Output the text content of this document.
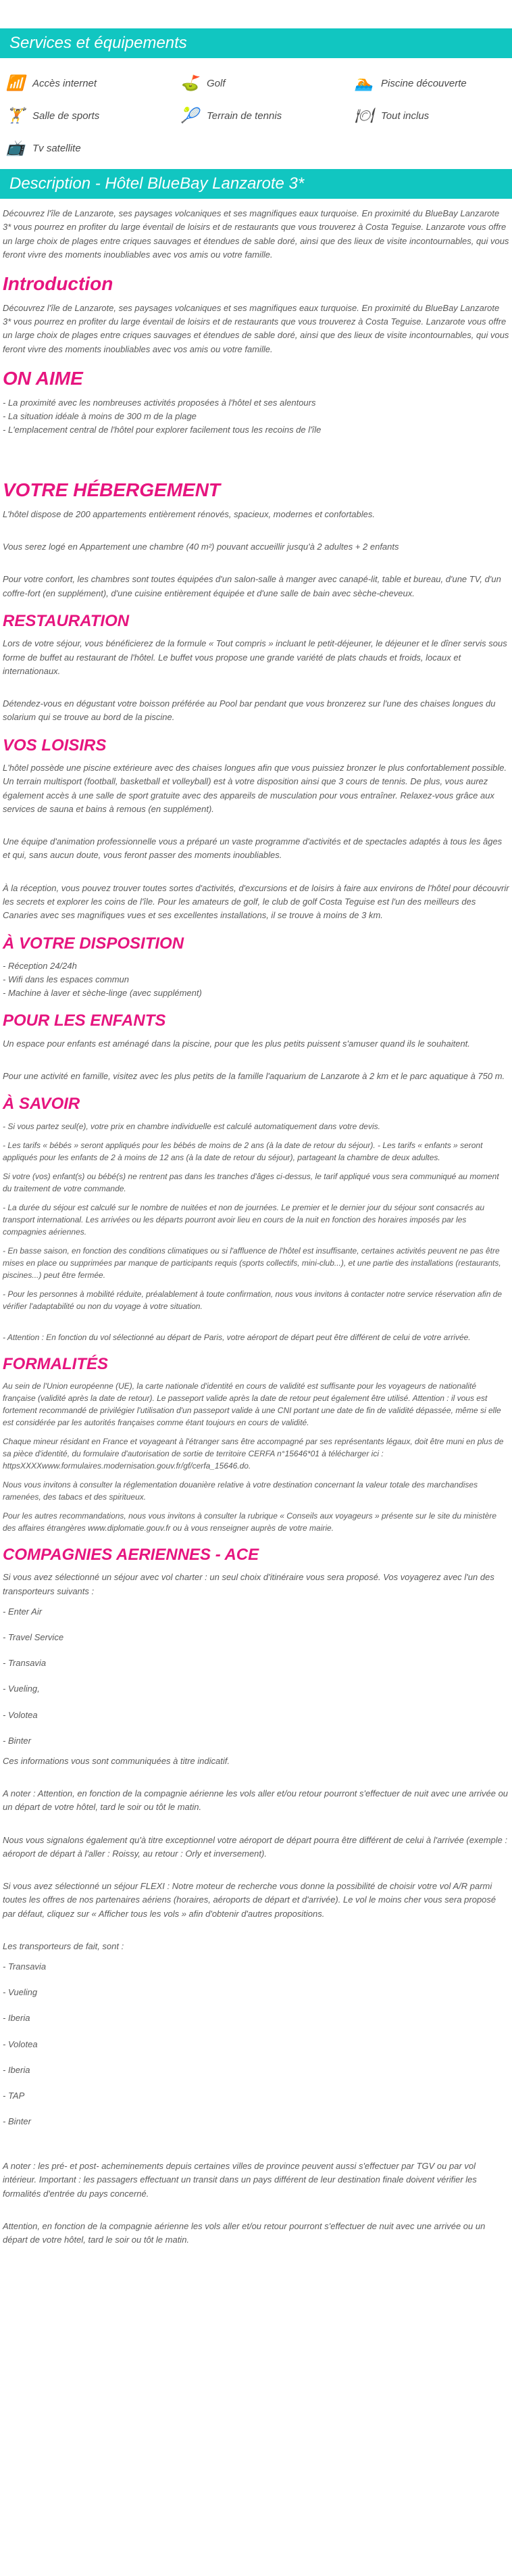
Services et équipements
📶 Accès internet	⛳ Golf	🏊 Piscine découverte
🏋 Salle de sports	🎾 Terrain de tennis	🍽 Tout inclus
📺 Tv satellite
Description - Hôtel BlueBay Lanzarote 3*

Découvrez l'île de Lanzarote, ses paysages volcaniques et ses magnifiques eaux turquoise. En proximité du BlueBay Lanzarote 3* vous pourrez en profiter du large éventail de loisirs et de restaurants que vous trouverez à Costa Teguise. Lanzarote vous offre un large choix de plages entre criques sauvages et étendues de sable doré, ainsi que des lieux de visite incontournables, qui vous feront vivre des moments inoubliables avec vos amis ou votre famille.

Introduction

Découvrez l'île de Lanzarote, ses paysages volcaniques et ses magnifiques eaux turquoise. En proximité du BlueBay Lanzarote 3* vous pourrez en profiter du large éventail de loisirs et de restaurants que vous trouverez à Costa Teguise. Lanzarote vous offre un large choix de plages entre criques sauvages et étendues de sable doré, ainsi que des lieux de visite incontournables, qui vous feront vivre des moments inoubliables avec vos amis ou votre famille.

ON AIME
- La proximité avec les nombreuses activités proposées à l'hôtel et ses alentours
- La situation idéale à moins de 300 m de la plage
- L'emplacement central de l'hôtel pour explorer facilement tous les recoins de l'île
VOTRE HÉBERGEMENT

L'hôtel dispose de 200 appartements entièrement rénovés, spacieux, modernes et confortables.

Vous serez logé en Appartement une chambre (40 m²) pouvant accueillir jusqu'à 2 adultes + 2 enfants

Pour votre confort, les chambres sont toutes équipées d'un salon-salle à manger avec canapé-lit, table et bureau, d'une TV, d'un coffre-fort (en supplément), d'une cuisine entièrement équipée et d'une salle de bain avec sèche-cheveux.

RESTAURATION

Lors de votre séjour, vous bénéficierez de la formule « Tout compris » incluant le petit-déjeuner, le déjeuner et le dîner servis sous forme de buffet au restaurant de l'hôtel. Le buffet vous propose une grande variété de plats chauds et froids, locaux et internationaux.

Détendez-vous en dégustant votre boisson préférée au Pool bar pendant que vous bronzerez sur l'une des chaises longues du solarium qui se trouve au bord de la piscine.

VOS LOISIRS

L'hôtel possède une piscine extérieure avec des chaises longues afin que vous puissiez bronzer le plus confortablement possible. Un terrain multisport (football, basketball et volleyball) est à votre disposition ainsi que 3 cours de tennis. De plus, vous aurez également accès à une salle de sport gratuite avec des appareils de musculation pour vous entraîner. Relaxez-vous grâce aux services de sauna et bains à remous (en supplément).

Une équipe d'animation professionnelle vous a préparé un vaste programme d'activités et de spectacles adaptés à tous les âges et qui, sans aucun doute, vous feront passer des moments inoubliables.

À la réception, vous pouvez trouver toutes sortes d'activités, d'excursions et de loisirs à faire aux environs de l'hôtel pour découvrir les secrets et explorer les coins de l'île. Pour les amateurs de golf, le club de golf Costa Teguise est l'un des meilleurs des Canaries avec ses magnifiques vues et ses excellentes installations, il se trouve à moins de 3 km.

À VOTRE DISPOSITION
- Réception 24/24h
- Wifi dans les espaces commun
- Machine à laver et sèche-linge (avec supplément)
POUR LES ENFANTS

Un espace pour enfants est aménagé dans la piscine, pour que les plus petits puissent s'amuser quand ils le souhaitent.

Pour une activité en famille, visitez avec les plus petits de la famille l'aquarium de Lanzarote à 2 km et le parc aquatique à 750 m.

À SAVOIR

- Si vous partez seul(e), votre prix en chambre individuelle est calculé automatiquement dans votre devis.

- Les tarifs « bébés » seront appliqués pour les bébés de moins de 2 ans (à la date de retour du séjour). - Les tarifs « enfants » seront appliqués pour les enfants de 2 à moins de 12 ans (à la date de retour du séjour), partageant la chambre de deux adultes.

Si votre (vos) enfant(s) ou bébé(s) ne rentrent pas dans les tranches d'âges ci-dessus, le tarif appliqué vous sera communiqué au moment du traitement de votre commande.

- La durée du séjour est calculé sur le nombre de nuitées et non de journées. Le premier et le dernier jour du séjour sont consacrés au transport international. Les arrivées ou les départs pourront avoir lieu en cours de la nuit en fonction des horaires imposés par les compagnies aériennes.

- En basse saison, en fonction des conditions climatiques ou si l'affluence de l'hôtel est insuffisante, certaines activités peuvent ne pas être mises en place ou supprimées par manque de participants requis (sports collectifs, mini-club...), et une partie des installations (restaurants, piscines...) peut être fermée.

- Pour les personnes à mobilité réduite, préalablement à toute confirmation, nous vous invitons à contacter notre service réservation afin de vérifier l'adaptabilité ou non du voyage à votre situation.

- Attention : En fonction du vol sélectionné au départ de Paris, votre aéroport de départ peut être différent de celui de votre arrivée.

FORMALITÉS

Au sein de l'Union européenne (UE), la carte nationale d'identité en cours de validité est suffisante pour les voyageurs de nationalité française (validité après la date de retour). Le passeport valide après la date de retour peut également être utilisé. Attention : il vous est fortement recommandé de privilégier l'utilisation d'un passeport valide à une CNI portant une date de fin de validité dépassée, même si elle est considérée par les autorités françaises comme étant toujours en cours de validité.

Chaque mineur résidant en France et voyageant à l'étranger sans être accompagné par ses représentants légaux, doit être muni en plus de sa pièce d'identité, du formulaire d'autorisation de sortie de territoire CERFA n°15646*01 à télécharger ici : httpsXXXXwww.formulaires.modernisation.gouv.fr/gf/cerfa_15646.do.

Nous vous invitons à consulter la réglementation douanière relative à votre destination concernant la valeur totale des marchandises ramenées, des tabacs et des spiritueux.

Pour les autres recommandations, nous vous invitons à consulter la rubrique « Conseils aux voyageurs » présente sur le site du ministère des affaires étrangères www.diplomatie.gouv.fr ou à vous renseigner auprès de votre mairie.

COMPAGNIES AERIENNES - ACE

Si vous avez sélectionné un séjour avec vol charter : un seul choix d'itinéraire vous sera proposé. Vos voyagerez avec l'un des transporteurs suivants :

- Enter Air
- Travel Service
- Transavia
- Vueling,
- Volotea
- Binter

Ces informations vous sont communiquées à titre indicatif.

A noter : Attention, en fonction de la compagnie aérienne les vols aller et/ou retour pourront s'effectuer de nuit avec une arrivée ou un départ de votre hôtel, tard le soir ou tôt le matin.

Nous vous signalons également qu'à titre exceptionnel votre aéroport de départ pourra être différent de celui à l'arrivée (exemple : aéroport de départ à l'aller : Roissy, au retour : Orly et inversement).

Si vous avez sélectionné un séjour FLEXI : Notre moteur de recherche vous donne la possibilité de choisir votre vol A/R parmi toutes les offres de nos partenaires aériens (horaires, aéroports de départ et d'arrivée). Le vol le moins cher vous sera proposé par défaut, cliquez sur « Afficher tous les vols » afin d'obtenir d'autres propositions.

Les transporteurs de fait, sont :

- Transavia
- Vueling
- Iberia
- Volotea
- Iberia
- TAP
- Binter

A noter : les pré- et post- acheminements depuis certaines villes de province peuvent aussi s'effectuer par TGV ou par vol intérieur. Important : les passagers effectuant un transit dans un pays différent de leur destination finale doivent vérifier les formalités d'entrée du pays concerné.

Attention, en fonction de la compagnie aérienne les vols aller et/ou retour pourront s'effectuer de nuit avec une arrivée ou un départ de votre hôtel, tard le soir ou tôt le matin.
